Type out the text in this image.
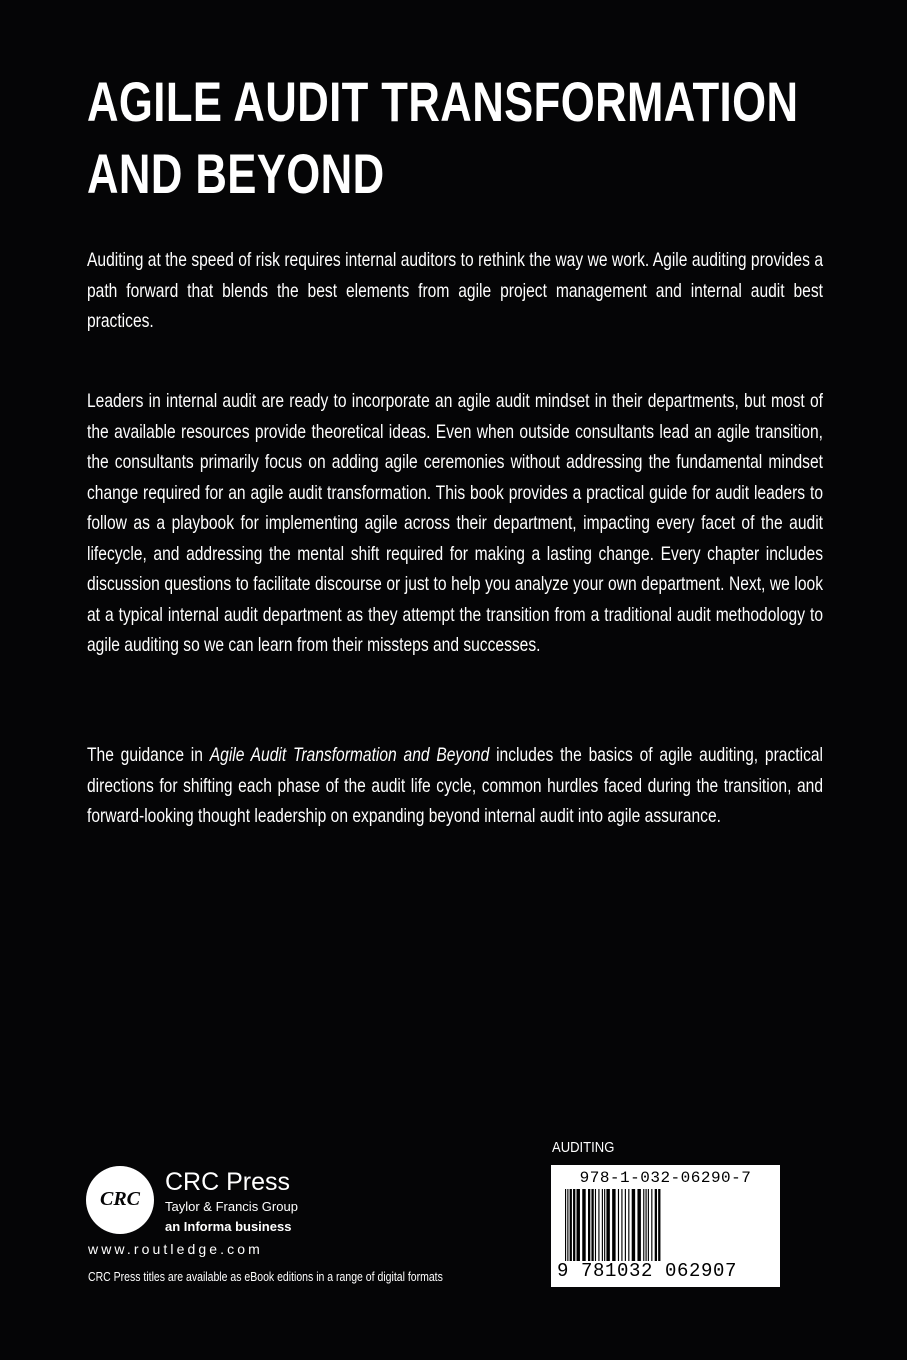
AGILE AUDIT TRANSFORMATION
AND BEYOND

Auditing at the speed of risk requires internal auditors to rethink the way we work. Agile auditing provides a path forward that blends the best elements from agile project management and internal audit best practices.

Leaders in internal audit are ready to incorporate an agile audit mindset in their departments, but most of the available resources provide theoretical ideas. Even when outside consultants lead an agile transition, the consultants primarily focus on adding agile ceremonies without addressing the fundamental mindset change required for an agile audit transformation. This book provides a practical guide for audit leaders to follow as a playbook for implementing agile across their department, impacting every facet of the audit lifecycle, and addressing the mental shift required for making a lasting change. Every chapter includes discussion questions to facilitate discourse or just to help you analyze your own department. Next, we look at a typical internal audit department as they attempt the transition from a traditional audit methodology to agile auditing so we can learn from their missteps and successes.

The guidance in Agile Audit Transformation and Beyond includes the basics of agile auditing, practical directions for shifting each phase of the audit life cycle, common hurdles faced during the transition, and forward-looking thought leadership on expanding beyond internal audit into agile assurance.

CRC
CRC Press
Taylor & Francis Group
an Informa business
www.routledge.com
CRC Press titles are available as eBook editions in a range of digital formats
AUDITING
978-1-032-06290-7
9 781032 062907
